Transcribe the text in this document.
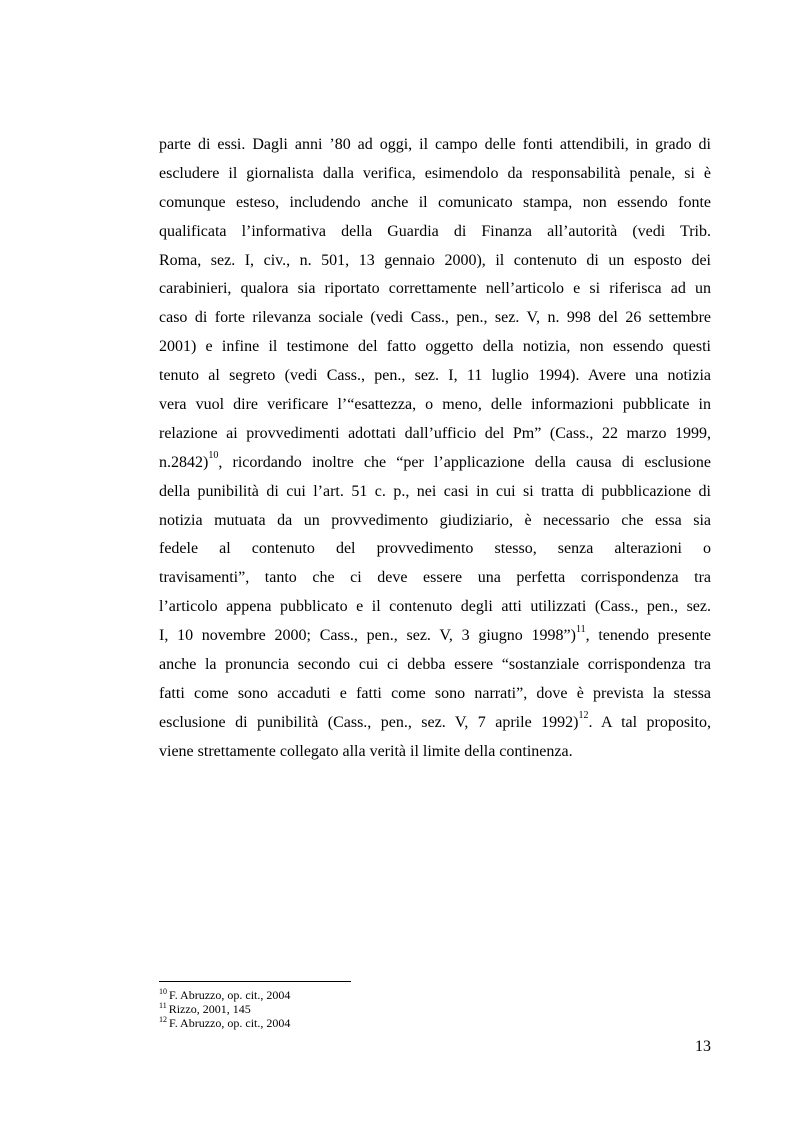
parte di essi. Dagli anni ’80 ad oggi, il campo delle fonti attendibili, in grado di
escludere il giornalista dalla verifica, esimendolo da responsabilità penale, si è
comunque esteso, includendo anche il comunicato stampa, non essendo fonte
qualificata l’informativa della Guardia di Finanza all’autorità (vedi Trib.
Roma, sez. I, civ., n. 501, 13 gennaio 2000), il contenuto di un esposto dei
carabinieri, qualora sia riportato correttamente nell’articolo e si riferisca ad un
caso di forte rilevanza sociale (vedi Cass., pen., sez. V, n. 998 del 26 settembre
2001) e infine il testimone del fatto oggetto della notizia, non essendo questi
tenuto al segreto (vedi Cass., pen., sez. I, 11 luglio 1994). Avere una notizia
vera vuol dire verificare l’“esattezza, o meno, delle informazioni pubblicate in
relazione ai provvedimenti adottati dall’ufficio del Pm” (Cass., 22 marzo 1999,
n.2842)$^{10}$, ricordando inoltre che “per l’applicazione della causa di esclusione
della punibilità di cui l’art. 51 c. p., nei casi in cui si tratta di pubblicazione di
notizia mutuata da un provvedimento giudiziario, è necessario che essa sia
fedele al contenuto del provvedimento stesso, senza alterazioni o
travisamenti”, tanto che ci deve essere una perfetta corrispondenza tra
l’articolo appena pubblicato e il contenuto degli atti utilizzati (Cass., pen., sez.
I, 10 novembre 2000; Cass., pen., sez. V, 3 giugno 1998”)$^{11}$, tenendo presente
anche la pronuncia secondo cui ci debba essere “sostanziale corrispondenza tra
fatti come sono accaduti e fatti come sono narrati”, dove è prevista la stessa
esclusione di punibilità (Cass., pen., sez. V, 7 aprile 1992)$^{12}$. A tal proposito,
viene strettamente collegato alla verità il limite della continenza.
$^{10}$ F. Abruzzo, op. cit., 2004
$^{11}$ Rizzo, 2001, 145
$^{12}$ F. Abruzzo, op. cit., 2004
13
